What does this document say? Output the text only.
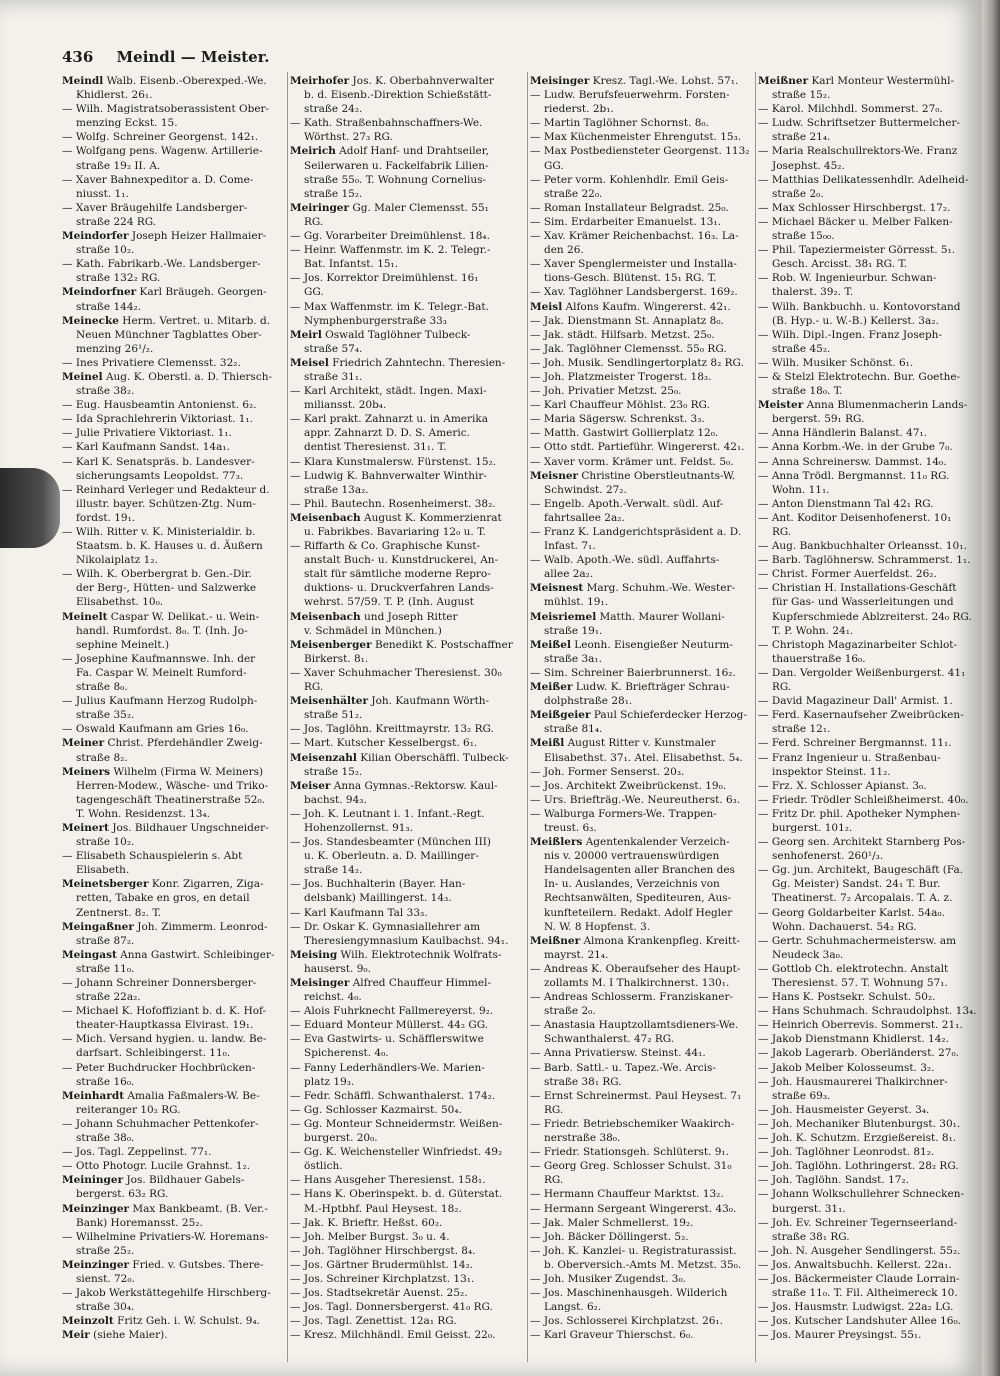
436 Meindl — Meister.
Meindl Walb. Eisenb.-Oberexped.-We.
Khidlerst. 26₁.
— Wilh. Magistratsoberassistent Ober-
menzing Eckst. 15.
— Wolfg. Schreiner Georgenst. 142₁.
— Wolfgang pens. Wagenw. Artillerie-
straße 19₂ II. A.
— Xaver Bahnexpeditor a. D. Come-
niusst. 1₁.
— Xaver Bräugehilfe Landsberger-
straße 224 RG.
Meindorfer Joseph Heizer Hallmaier-
straße 10₂.
— Kath. Fabrikarb.-We. Landsberger-
straße 132₂ RG.
Meindorfner Karl Bräugeh. Georgen-
straße 144₂.
Meinecke Herm. Vertret. u. Mitarb. d.
Neuen Münchner Tagblattes Ober-
menzing 26¹/₂.
— Ines Privatiere Clemensst. 32₂.
Meinel Aug. K. Oberstl. a. D. Thiersch-
straße 38₂.
— Eug. Hausbeamtin Antonienst. 6₂.
— Ida Sprachlehrerin Viktoriast. 1₁.
— Julie Privatiere Viktoriast. 1₁.
— Karl Kaufmann Sandst. 14a₁.
— Karl K. Senatspräs. b. Landesver-
sicherungsamts Leopoldst. 77₃.
— Reinhard Verleger und Redakteur d.
illustr. bayer. Schützen-Ztg. Num-
fordst. 19₁.
— Wilh. Ritter v. K. Ministerialdir. b.
Staatsm. b. K. Hauses u. d. Äußern
Nikolaiplatz 1₂.
— Wilh. K. Oberbergrat b. Gen.-Dir.
der Berg-, Hütten- und Salzwerke
Elisabethst. 10₀.
Meinelt Caspar W. Delikat.- u. Wein-
handl. Rumfordst. 8₀. T. (Inh. Jo-
sephine Meinelt.)
— Josephine Kaufmannswe. Inh. der
Fa. Caspar W. Meinelt Rumford-
straße 8₀.
— Julius Kaufmann Herzog Rudolph-
straße 35₂.
— Oswald Kaufmann am Gries 16₀.
Meiner Christ. Pferdehändler Zweig-
straße 8₂.
Meiners Wilhelm (Firma W. Meiners)
Herren-Modew., Wäsche- und Triko-
tagengeschäft Theatinerstraße 52₀.
T. Wohn. Residenzst. 13₄.
Meinert Jos. Bildhauer Ungschneider-
straße 10₂.
— Elisabeth Schauspielerin s. Abt
Elisabeth.
Meinetsberger Konr. Zigarren, Ziga-
retten, Tabake en gros, en detail
Zentnerst. 8₂. T.
Meingaßner Joh. Zimmerm. Leonrod-
straße 87₂.
Meingast Anna Gastwirt. Schleibinger-
straße 11₀.
— Johann Schreiner Donnersberger-
straße 22a₂.
— Michael K. Hofoffiziant b. d. K. Hof-
theater-Hauptkassa Elvirast. 19₁.
— Mich. Versand hygien. u. landw. Be-
darfsart. Schleibingerst. 11₀.
— Peter Buchdrucker Hochbrücken-
straße 16₀.
Meinhardt Amalia Faßmalers-W. Be-
reiteranger 10₂ RG.
— Johann Schuhmacher Pettenkofer-
straße 38₀.
— Jos. Tagl. Zeppelinst. 77₁.
— Otto Photogr. Lucile Grahnst. 1₂.
Meininger Jos. Bildhauer Gabels-
bergerst. 63₂ RG.
Meinzinger Max Bankbeamt. (B. Ver.-
Bank) Horemansst. 25₂.
— Wilhelmine Privatiers-W. Horemans-
straße 25₂.
Meinzinger Fried. v. Gutsbes. There-
sienst. 72₀.
— Jakob Werkstättegehilfe Hirschberg-
straße 30₄.
Meinzolt Fritz Geh. i. W. Schulst. 9₄.
Meir (siehe Maier).
Meirhofer Jos. K. Oberbahnverwalter
b. d. Eisenb.-Direktion Schießstätt-
straße 24₂.
— Kath. Straßenbahnschaffners-We.
Wörthst. 27₃ RG.
Meirich Adolf Hanf- und Drahtseiler,
Seilerwaren u. Fackelfabrik Lilien-
straße 55₀. T. Wohnung Cornelius-
straße 15₂.
Meiringer Gg. Maler Clemensst. 55₁
RG.
— Gg. Vorarbeiter Dreimühlenst. 18₄.
— Heinr. Waffenmstr. im K. 2. Telegr.-
Bat. Infantst. 15₁.
— Jos. Korrektor Dreimühlenst. 16₁
GG.
— Max Waffenmstr. im K. Telegr.-Bat.
Nymphenburgerstraße 33₃
Meirl Oswald Taglöhner Tulbeck-
straße 57₄.
Meisel Friedrich Zahntechn. Theresien-
straße 31₁.
— Karl Architekt, städt. Ingen. Maxi-
miliansst. 20b₄.
— Karl prakt. Zahnarzt u. in Amerika
appr. Zahnarzt D. D. S. Americ.
dentist Theresienst. 31₁. T.
— Klara Kunstmalersw. Fürstenst. 15₂.
— Ludwig K. Bahnverwalter Winthir-
straße 13a₂.
— Phil. Bautechn. Rosenheimerst. 38₂.
Meisenbach August K. Kommerzienrat
u. Fabrikbes. Bavariaring 12₀ u. T.
— Riffarth & Co. Graphische Kunst-
anstalt Buch- u. Kunstdruckerei, An-
stalt für sämtliche moderne Repro-
duktions- u. Druckverfahren Lands-
wehrst. 57/59. T. P. (Inh. August
Meisenbach und Joseph Ritter
v. Schmädel in München.)
Meisenberger Benedikt K. Postschaffner
Birkerst. 8₁.
— Xaver Schuhmacher Theresienst. 30₀
RG.
Meisenhälter Joh. Kaufmann Wörth-
straße 51₂.
— Jos. Taglöhn. Kreittmayrstr. 13₂ RG.
— Mart. Kutscher Kesselbergst. 6₁.
Meisenzahl Kilian Oberschäffl. Tulbeck-
straße 15₂.
Meiser Anna Gymnas.-Rektorsw. Kaul-
bachst. 94₃.
— Joh. K. Leutnant i. 1. Infant.-Regt.
Hohenzollernst. 91₃.
— Jos. Standesbeamter (München III)
u. K. Oberleutn. a. D. Maillinger-
straße 14₂.
— Jos. Buchhalterin (Bayer. Han-
delsbank) Maillingerst. 14₃.
— Karl Kaufmann Tal 33₃.
— Dr. Oskar K. Gymnasiallehrer am
Theresiengymnasium Kaulbachst. 94₁.
Meising Wilh. Elektrotechnik Wolfrats-
hauserst. 9₀.
Meisinger Alfred Chauffeur Himmel-
reichst. 4₀.
— Alois Fuhrknecht Fallmereyerst. 9₂.
— Eduard Monteur Müllerst. 44₂ GG.
— Eva Gastwirts- u. Schäfflerswitwe
Spicherenst. 4₀.
— Fanny Lederhändlers-We. Marien-
platz 19₃.
— Fedr. Schäffl. Schwanthalerst. 174₂.
— Gg. Schlosser Kazmairst. 50₄.
— Gg. Monteur Schneidermstr. Weißen-
burgerst. 20₀.
— Gg. K. Weichensteller Winfriedst. 49₂
östlich.
— Hans Ausgeher Theresienst. 158₁.
— Hans K. Oberinspekt. b. d. Güterstat.
M.-Hptbhf. Paul Heysest. 18₂.
— Jak. K. Brieftr. Heßst. 60₂.
— Joh. Melber Burgst. 3₀ u. 4.
— Joh. Taglöhner Hirschbergst. 8₄.
— Jos. Gärtner Brudermühlst. 14₂.
— Jos. Schreiner Kirchplatzst. 13₁.
— Jos. Stadtsekretär Auenst. 25₂.
— Jos. Tagl. Donnersbergerst. 41₀ RG.
— Jos. Tagl. Zenettist. 12a₁ RG.
— Kresz. Milchhändl. Emil Geisst. 22₀.
Meisinger Kresz. Tagl.-We. Lohst. 57₁.
— Ludw. Berufsfeuerwehrm. Forsten-
riederst. 2b₁.
— Martin Taglöhner Schornst. 8₀.
— Max Küchenmeister Ehrengutst. 15₃.
— Max Postbediensteter Georgenst. 113₂
GG.
— Peter vorm. Kohlenhdlr. Emil Geis-
straße 22₀.
— Roman Installateur Belgradst. 25₀.
— Sim. Erdarbeiter Emanuelst. 13₁.
— Xav. Krämer Reichenbachst. 16₃. La-
den 26.
— Xaver Spenglermeister und Installa-
tions-Gesch. Blütenst. 15₁ RG. T.
— Xav. Taglöhner Landsbergerst. 169₂.
Meisl Alfons Kaufm. Wingererst. 42₁.
— Jak. Dienstmann St. Annaplatz 8₀.
— Jak. städt. Hilfsarb. Metzst. 25₀.
— Jak. Taglöhner Clemensst. 55₀ RG.
— Joh. Musik. Sendlingertorplatz 8₂ RG.
— Joh. Platzmeister Trogerst. 18₃.
— Joh. Privatier Metzst. 25₀.
— Karl Chauffeur Möhlst. 23₀ RG.
— Maria Sägersw. Schrenkst. 3₃.
— Matth. Gastwirt Gollierplatz 12₀.
— Otto stdt. Partieführ. Wingererst. 42₁.
— Xaver vorm. Krämer unt. Feldst. 5₀.
Meisner Christine Oberstleutnants-W.
Schwindst. 27₂.
— Engelb. Apoth.-Verwalt. südl. Auf-
fahrtsallee 2a₂.
— Franz K. Landgerichtspräsident a. D.
Infast. 7₁.
— Walb. Apoth.-We. südl. Auffahrts-
allee 2a₂.
Meisnest Marg. Schuhm.-We. Wester-
mühlst. 19₁.
Meisriemel Matth. Maurer Wollani-
straße 19₁.
Meißel Leonh. Eisengießer Neuturm-
straße 3a₁.
— Sim. Schreiner Baierbrunnerst. 16₂.
Meißer Ludw. K. Briefträger Schrau-
dolphstraße 28₁.
Meißgeier Paul Schieferdecker Herzog-
straße 81₄.
Meißl August Ritter v. Kunstmaler
Elisabethst. 37₁. Atel. Elisabethst. 5₄.
— Joh. Former Senserst. 20₃.
— Jos. Architekt Zweibrückenst. 19₀.
— Urs. Briefträg.-We. Neureutherst. 6₃.
— Walburga Formers-We. Trappen-
treust. 6₃.
Meißlers Agentenkalender Verzeich-
nis v. 20000 vertrauenswürdigen
Handelsagenten aller Branchen des
In- u. Auslandes, Verzeichnis von
Rechtsanwälten, Spediteuren, Aus-
kunfteteilern. Redakt. Adolf Hegler
N. W. 8 Hopfenst. 3.
Meißner Almona Krankenpfleg. Kreitt-
mayrst. 21₄.
— Andreas K. Oberaufseher des Haupt-
zollamts M. I Thalkirchnerst. 130₁.
— Andreas Schlosserm. Franziskaner-
straße 2₀.
— Anastasia Hauptzollamtsdieners-We.
Schwanthalerst. 47₂ RG.
— Anna Privatiersw. Steinst. 44₁.
— Barb. Sattl.- u. Tapez.-We. Arcis-
straße 38₁ RG.
— Ernst Schreinermst. Paul Heysest. 7₁
RG.
— Friedr. Betriebschemiker Waakirch-
nerstraße 38₀.
— Friedr. Stationsgeh. Schlüterst. 9₁.
— Georg Greg. Schlosser Schulst. 31₀
RG.
— Hermann Chauffeur Marktst. 13₂.
— Hermann Sergeant Wingererst. 43₀.
— Jak. Maler Schmellerst. 19₂.
— Joh. Bäcker Döllingerst. 5₂.
— Joh. K. Kanzlei- u. Registraturassist.
b. Oberversich.-Amts M. Metzst. 35₀.
— Joh. Musiker Zugendst. 3₀.
— Jos. Maschinenhausgeh. Wilderich
Langst. 6₂.
— Jos. Schlosserei Kirchplatzst. 26₁.
— Karl Graveur Thierschst. 6₀.
Meißner Karl Monteur Westermühl-
straße 15₂.
— Karol. Milchhdl. Sommerst. 27₀.
— Ludw. Schriftsetzer Buttermelcher-
straße 21₄.
— Maria Realschullrektors-We. Franz
Josephst. 45₂.
— Matthias Delikatessenhdlr. Adelheid-
straße 2₀.
— Max Schlosser Hirschbergst. 17₂.
— Michael Bäcker u. Melber Falken-
straße 15₀₀.
— Phil. Tapeziermeister Görresst. 5₁.
Gesch. Arcisst. 38₁ RG. T.
— Rob. W. Ingenieurbur. Schwan-
thalerst. 39₂. T.
— Wilh. Bankbuchh. u. Kontovorstand
(B. Hyp.- u. W.-B.) Kellerst. 3a₂.
— Wilh. Dipl.-Ingen. Franz Joseph-
straße 45₂.
— Wilh. Musiker Schönst. 6₁.
— & Stelzl Elektrotechn. Bur. Goethe-
straße 18₀. T.
Meister Anna Blumenmacherin Lands-
bergerst. 59₁ RG.
— Anna Händlerin Balanst. 47₁.
— Anna Korbm.-We. in der Grube 7₀.
— Anna Schreinersw. Dammst. 14₀.
— Anna Trödl. Bergmannst. 11₀ RG.
Wohn. 11₁.
— Anton Dienstmann Tal 42₁ RG.
— Ant. Koditor Deisenhofenerst. 10₁
RG.
— Aug. Bankbuchhalter Orleansst. 10₁.
— Barb. Taglöhnersw. Schrammerst. 1₁.
— Christ. Former Auerfeldst. 26₂.
— Christian H. Installations-Geschäft
für Gas- und Wasserleitungen und
Kupferschmiede Ablzreiterst. 24₀ RG.
T. P. Wohn. 24₁.
— Christoph Magazinarbeiter Schlot-
thauerstraße 16₀.
— Dan. Vergolder Weißenburgerst. 41₁
RG.
— David Magazineur Dall' Armist. 1.
— Ferd. Kasernaufseher Zweibrücken-
straße 12₁.
— Ferd. Schreiner Bergmannst. 11₁.
— Franz Ingenieur u. Straßenbau-
inspektor Steinst. 11₂.
— Frz. X. Schlosser Apianst. 3₀.
— Friedr. Trödler Schleißheimerst. 40₀.
— Fritz Dr. phil. Apotheker Nymphen-
burgerst. 101₂.
— Georg sen. Architekt Starnberg Pos-
senhofenerst. 260¹/₃.
— Gg. jun. Architekt, Baugeschäft (Fa.
Gg. Meister) Sandst. 24₁ T. Bur.
Theatinerst. 7₂ Arcopalais. T. A. z.
— Georg Goldarbeiter Karlst. 54a₀.
Wohn. Dachauerst. 54₂ RG.
— Gertr. Schuhmachermeistersw. am
Neudeck 3a₀.
— Gottlob Ch. elektrotechn. Anstalt
Theresienst. 57. T. Wohnung 57₁.
— Hans K. Postsekr. Schulst. 50₂.
— Hans Schuhmach. Schraudolphst. 13₄.
— Heinrich Oberrevis. Sommerst. 21₁.
— Jakob Dienstmann Khidlerst. 14₂.
— Jakob Lagerarb. Oberländerst. 27₀.
— Jakob Melber Kolosseumst. 3₂.
— Joh. Hausmaurerei Thalkirchner-
straße 69₃.
— Joh. Hausmeister Geyerst. 3₄.
— Joh. Mechaniker Blutenburgst. 30₁.
— Joh. K. Schutzm. Erzgießereist. 8₁.
— Joh. Taglöhner Leonrodst. 81₂.
— Joh. Taglöhn. Lothringerst. 28₂ RG.
— Joh. Taglöhn. Sandst. 17₂.
— Johann Wolkschullehrer Schnecken-
burgerst. 31₁.
— Joh. Ev. Schreiner Tegernseerland-
straße 38₁ RG.
— Joh. N. Ausgeher Sendlingerst. 55₂.
— Jos. Anwaltsbuchh. Kellerst. 22a₁.
— Jos. Bäckermeister Claude Lorrain-
straße 11₀. T. Fil. Altheimereck 10.
— Jos. Hausmstr. Ludwigst. 22a₂ LG.
— Jos. Kutscher Landshuter Allee 16₀.
— Jos. Maurer Preysingst. 55₁.
